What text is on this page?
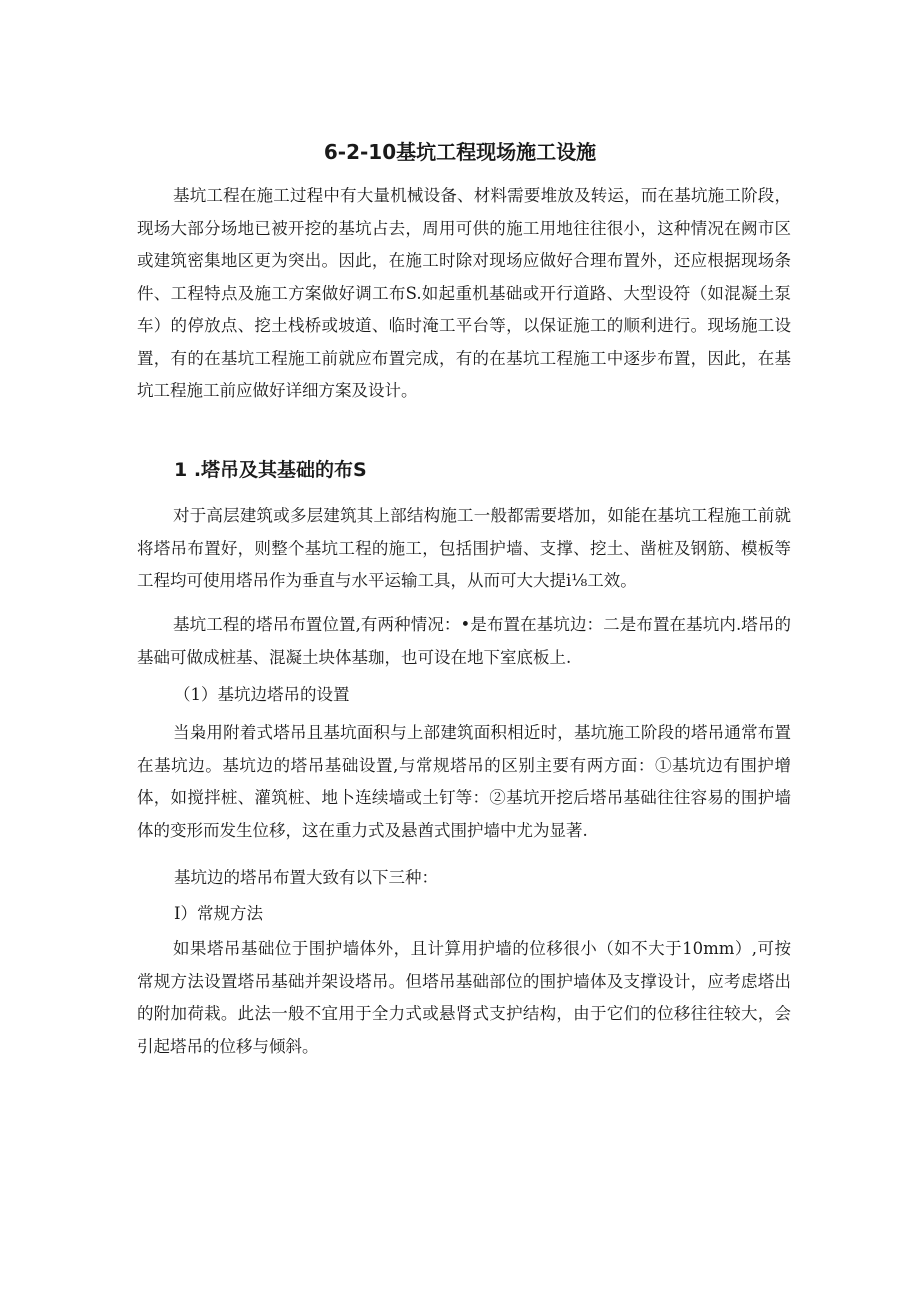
6-2-10基坑工程现场施工设施

基坑工程在施工过程中有大量机械设备、材料需要堆放及转运，而在基坑施工阶段，现场大部分场地已被开挖的基坑占去，周用可供的施工用地往往很小，这种情况在阙市区或建筑密集地区更为突出。因此，在施工时除对现场应做好合理布置外，还应根据现场条件、工程特点及施工方案做好调工布S.如起重机基础或开行道路、大型设符（如混凝土泵车）的停放点、挖土栈桥或坡道、临时淹工平台等，以保证施工的顺利进行。现场施工设置，有的在基坑工程施工前就应布置完成，有的在基坑工程施工中逐步布置，因此，在基坑工程施工前应做好详细方案及设计。

1 .塔吊及其基础的布S

对于高层建筑或多层建筑其上部结构施工一般都需要塔加，如能在基坑工程施工前就将塔吊布置好，则整个基坑工程的施工，包括围护墙、支撑、挖土、凿桩及钢筋、模板等工程均可使用塔吊作为垂直与水平运输工具，从而可大大提i⅛工效。

基坑工程的塔吊布置位置,有两种情况：•是布置在基坑边：二是布置在基坑内.塔吊的基础可做成桩基、混凝土块体基珈，也可设在地下室底板上.

（1）基坑边塔吊的设置

当枭用附着式塔吊且基坑面积与上部建筑面积相近时，基坑施工阶段的塔吊通常布置在基坑边。基坑边的塔吊基础设置,与常规塔吊的区别主要有两方面：①基坑边有围护增体，如搅拌桩、灌筑桩、地卜连续墙或土钉等：②基坑开挖后塔吊基础往往容易的围护墙体的变形而发生位移，这在重力式及悬酋式围护墙中尤为显著.

基坑边的塔吊布置大致有以下三种：

I）常规方法

如果塔吊基础位于围护墙体外，且计算用护墙的位移很小（如不大于10mm）,可按常规方法设置塔吊基础并架设塔吊。但塔吊基础部位的围护墙体及支撑设计，应考虑塔出的附加荷栽。此法一般不宜用于全力式或悬肾式支护结构，由于它们的位移往往较大，会引起塔吊的位移与倾斜。
